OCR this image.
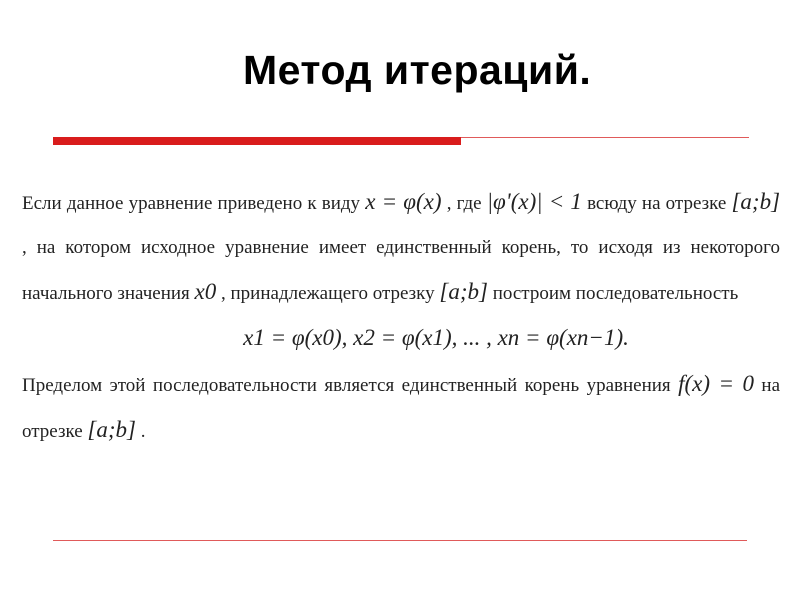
Метод итераций.

Если данное уравнение приведено к виду x = φ(x) , где |φ'(x)| < 1 всюду на отрезке [a;b] , на котором исходное уравнение имеет единственный корень, то исходя из некоторого начального значения x0 , принадлежащего отрезку [a;b] построим последовательность

x1 = φ(x0), x2 = φ(x1), ... , xn = φ(xn−1).

Пределом этой последовательности является единственный корень уравнения f(x) = 0 на отрезке [a;b] .
